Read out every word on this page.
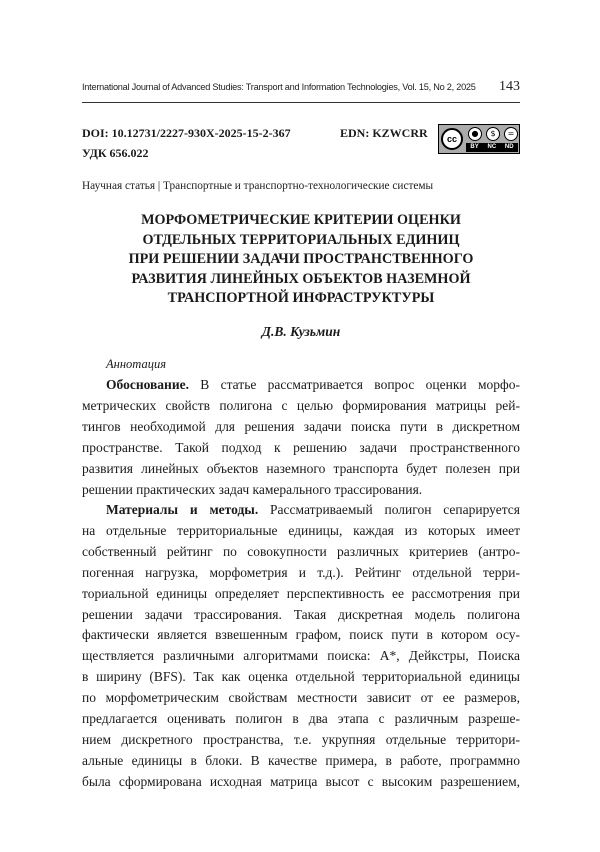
International Journal of Advanced Studies: Transport and Information Technologies, Vol. 15, No 2, 2025 143
DOI: 10.12731/2227-930X-2025-15-2-367	EDN: KZWCRR
УДК 656.022
cc
●	$	=
BY NC ND
Научная статья | Транспортные и транспортно-технологические системы
МОРФОМЕТРИЧЕСКИЕ КРИТЕРИИ ОЦЕНКИ
ОТДЕЛЬНЫХ ТЕРРИТОРИАЛЬНЫХ ЕДИНИЦ
ПРИ РЕШЕНИИ ЗАДАЧИ ПРОСТРАНСТВЕННОГО
РАЗВИТИЯ ЛИНЕЙНЫХ ОБЪЕКТОВ НАЗЕМНОЙ
ТРАНСПОРТНОЙ ИНФРАСТРУКТУРЫ
Д.В. Кузьмин
Аннотация
Обоснование. В статье рассматривается вопрос оценки морфо-
метрических свойств полигона с целью формирования матрицы рей-
тингов необходимой для решения задачи поиска пути в дискретном
пространстве. Такой подход к решению задачи пространственного
развития линейных объектов наземного транспорта будет полезен при
решении практических задач камерального трассирования.
Материалы и методы. Рассматриваемый полигон сепарируется
на отдельные территориальные единицы, каждая из которых имеет
собственный рейтинг по совокупности различных критериев (антро-
погенная нагрузка, морфометрия и т.д.). Рейтинг отдельной терри-
ториальной единицы определяет перспективность ее рассмотрения при
решении задачи трассирования. Такая дискретная модель полигона
фактически является взвешенным графом, поиск пути в котором осу-
ществляется различными алгоритмами поиска: A*, Дейкстры, Поиска
в ширину (BFS). Так как оценка отдельной территориальной единицы
по морфометрическим свойствам местности зависит от ее размеров,
предлагается оценивать полигон в два этапа с различным разреше-
нием дискретного пространства, т.е. укрупняя отдельные территори-
альные единицы в блоки. В качестве примера, в работе, программно
была сформирована исходная матрица высот с высоким разрешением,
